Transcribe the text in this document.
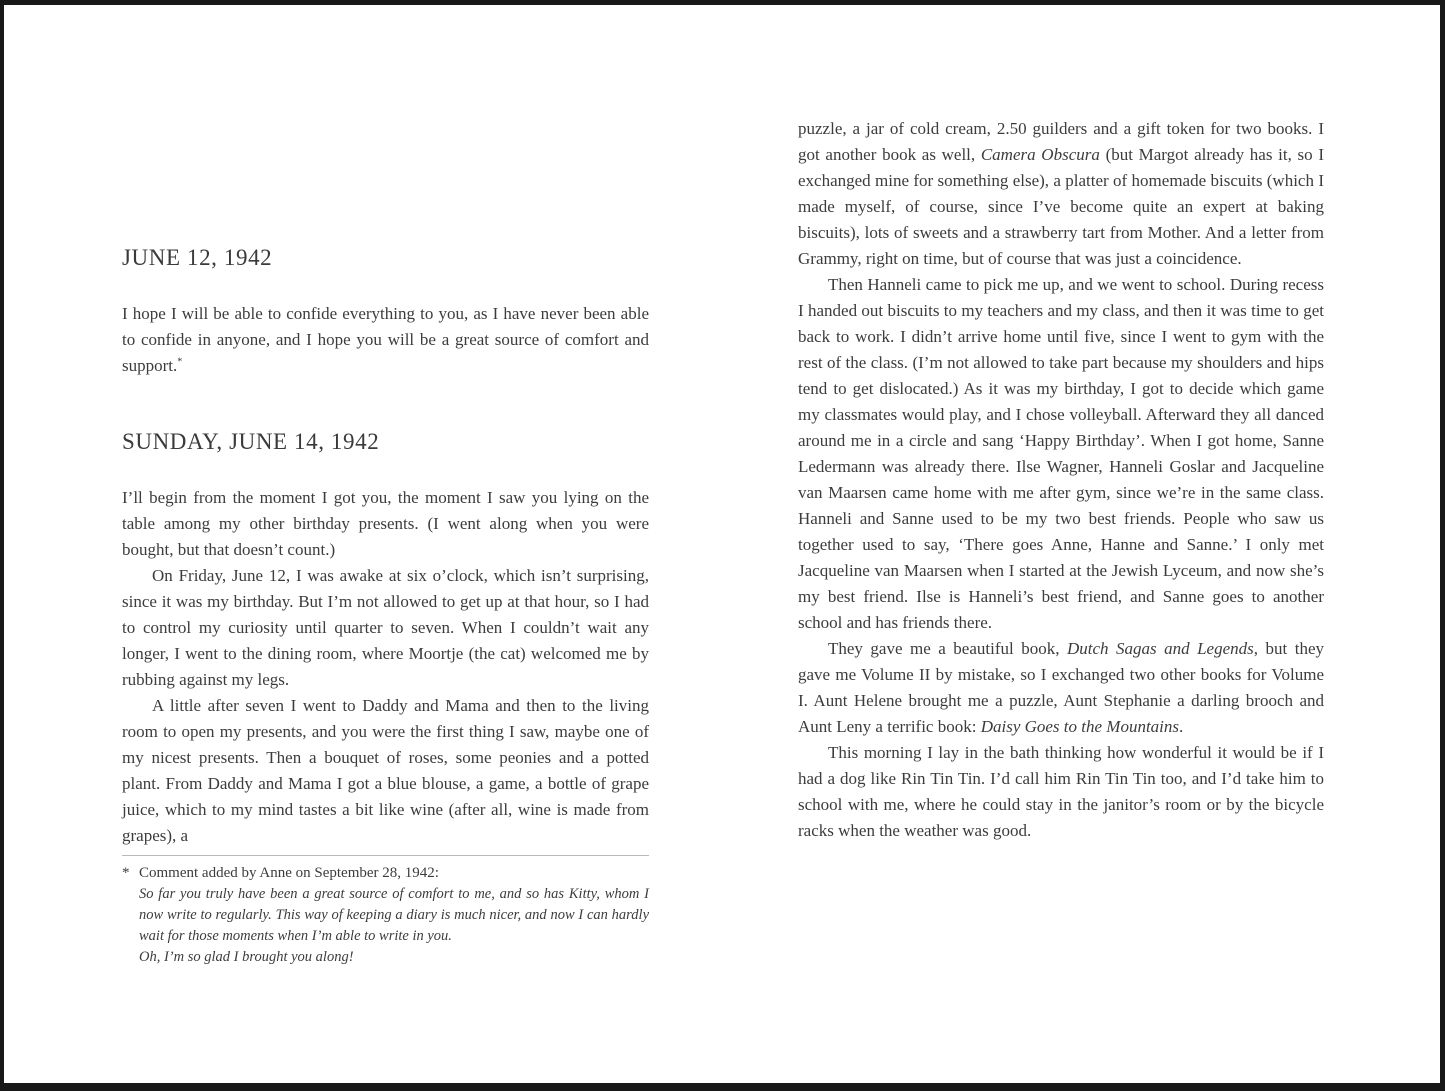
JUNE 12, 1942

I hope I will be able to confide everything to you, as I have never been able to confide in anyone, and I hope you will be a great source of comfort and support.*

SUNDAY, JUNE 14, 1942

I’ll begin from the moment I got you, the moment I saw you lying on the table among my other birthday presents. (I went along when you were bought, but that doesn’t count.)

On Friday, June 12, I was awake at six o’clock, which isn’t surprising, since it was my birthday. But I’m not allowed to get up at that hour, so I had to control my curiosity until quarter to seven. When I couldn’t wait any longer, I went to the dining room, where Moortje (the cat) welcomed me by rubbing against my legs.

A little after seven I went to Daddy and Mama and then to the living room to open my presents, and you were the first thing I saw, maybe one of my nicest presents. Then a bouquet of roses, some peonies and a potted plant. From Daddy and Mama I got a blue blouse, a game, a bottle of grape juice, which to my mind tastes a bit like wine (after all, wine is made from grapes), a

* Comment added by Anne on September 28, 1942:

So far you truly have been a great source of comfort to me, and so has Kitty, whom I now write to regularly. This way of keeping a diary is much nicer, and now I can hardly wait for those moments when I’m able to write in you.

Oh, I’m so glad I brought you along!

puzzle, a jar of cold cream, 2.50 guilders and a gift token for two books. I got another book as well, Camera Obscura (but Margot already has it, so I exchanged mine for something else), a platter of homemade biscuits (which I made myself, of course, since I’ve become quite an expert at baking biscuits), lots of sweets and a strawberry tart from Mother. And a letter from Grammy, right on time, but of course that was just a coincidence.

Then Hanneli came to pick me up, and we went to school. During recess I handed out biscuits to my teachers and my class, and then it was time to get back to work. I didn’t arrive home until five, since I went to gym with the rest of the class. (I’m not allowed to take part because my shoulders and hips tend to get dislocated.) As it was my birthday, I got to decide which game my classmates would play, and I chose volleyball. Afterward they all danced around me in a circle and sang ‘Happy Birthday’. When I got home, Sanne Ledermann was already there. Ilse Wagner, Hanneli Goslar and Jacqueline van Maarsen came home with me after gym, since we’re in the same class. Hanneli and Sanne used to be my two best friends. People who saw us together used to say, ‘There goes Anne, Hanne and Sanne.’ I only met Jacqueline van Maarsen when I started at the Jewish Lyceum, and now she’s my best friend. Ilse is Hanneli’s best friend, and Sanne goes to another school and has friends there.

They gave me a beautiful book, Dutch Sagas and Legends, but they gave me Volume II by mistake, so I exchanged two other books for Volume I. Aunt Helene brought me a puzzle, Aunt Stephanie a darling brooch and Aunt Leny a terrific book: Daisy Goes to the Mountains.

This morning I lay in the bath thinking how wonderful it would be if I had a dog like Rin Tin Tin. I’d call him Rin Tin Tin too, and I’d take him to school with me, where he could stay in the janitor’s room or by the bicycle racks when the weather was good.
